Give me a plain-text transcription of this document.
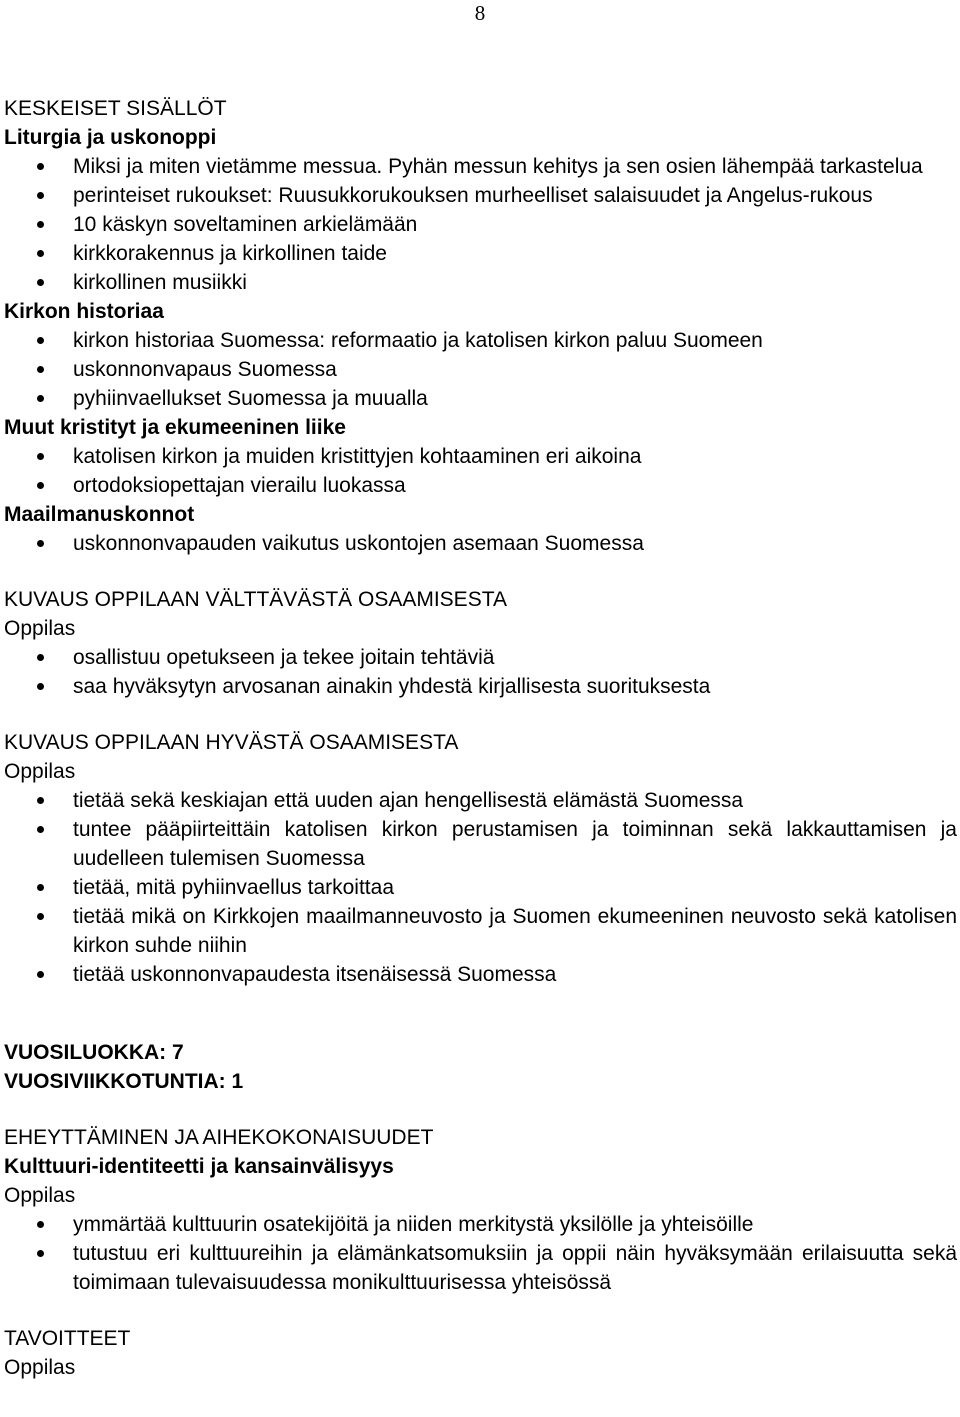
8
KESKEISET SISÄLLÖT
Liturgia ja uskonoppi
Miksi ja miten vietämme messua. Pyhän messun kehitys ja sen osien lähempää tarkastelua
perinteiset rukoukset: Ruusukkorukouksen murheelliset salaisuudet ja Angelus-rukous
10 käskyn soveltaminen arkielämään
kirkkorakennus ja kirkollinen taide
kirkollinen musiikki
Kirkon historiaa
kirkon historiaa Suomessa: reformaatio ja katolisen kirkon paluu Suomeen
uskonnonvapaus Suomessa
pyhiinvaellukset Suomessa ja muualla
Muut kristityt ja ekumeeninen liike
katolisen kirkon ja muiden kristittyjen kohtaaminen eri aikoina
ortodoksiopettajan vierailu luokassa
Maailmanuskonnot
uskonnonvapauden vaikutus uskontojen asemaan Suomessa
KUVAUS OPPILAAN VÄLTTÄVÄSTÄ OSAAMISESTA
Oppilas
osallistuu opetukseen ja tekee joitain tehtäviä
saa hyväksytyn arvosanan ainakin yhdestä kirjallisesta suorituksesta
KUVAUS OPPILAAN HYVÄSTÄ OSAAMISESTA
Oppilas
tietää sekä keskiajan että uuden ajan hengellisestä elämästä Suomessa
tuntee pääpiirteittäin katolisen kirkon perustamisen ja toiminnan sekä lakkauttamisen ja uudelleen tulemisen Suomessa
tietää, mitä pyhiinvaellus tarkoittaa
tietää mikä on Kirkkojen maailmanneuvosto ja Suomen ekumeeninen neuvosto sekä katolisen kirkon suhde niihin
tietää uskonnonvapaudesta itsenäisessä Suomessa
VUOSILUOKKA: 7
VUOSIVIIKKOTUNTIA: 1
EHEYTTÄMINEN JA AIHEKOKONAISUUDET
Kulttuuri-identiteetti ja kansainvälisyys
Oppilas
ymmärtää kulttuurin osatekijöitä ja niiden merkitystä yksilölle ja yhteisöille
tutustuu eri kulttuureihin ja elämänkatsomuksiin ja oppii näin hyväksymään erilaisuutta sekä toimimaan tulevaisuudessa monikulttuurisessa yhteisössä
TAVOITTEET
Oppilas
